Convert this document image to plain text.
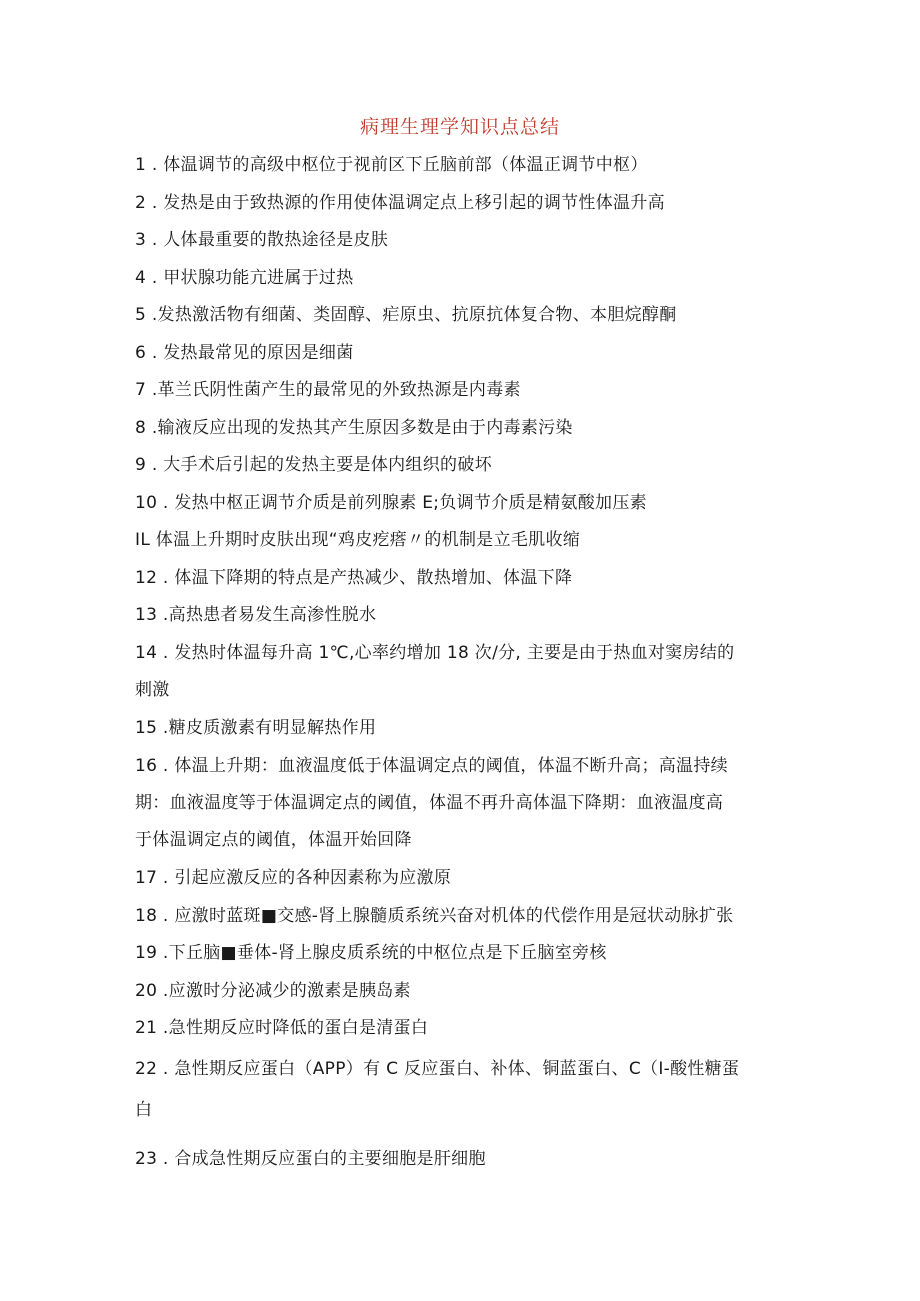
病理生理学知识点总结
1 . 体温调节的高级中枢位于视前区下丘脑前部（体温正调节中枢）
2 . 发热是由于致热源的作用使体温调定点上移引起的调节性体温升高
3 . 人体最重要的散热途径是皮肤
4 . 甲状腺功能亢进属于过热
5 .发热激活物有细菌、类固醇、疟原虫、抗原抗体复合物、本胆烷醇酮
6 . 发热最常见的原因是细菌
7 .革兰氏阴性菌产生的最常见的外致热源是内毒素
8 .输液反应出现的发热其产生原因多数是由于内毒素污染
9 . 大手术后引起的发热主要是体内组织的破坏
10 . 发热中枢正调节介质是前列腺素 E;负调节介质是精氨酸加压素
IL 体温上升期时皮肤出现“鸡皮疙瘩〃的机制是立毛肌收缩
12 . 体温下降期的特点是产热减少、散热增加、体温下降
13 .高热患者易发生高渗性脱水
14 . 发热时体温每升高 1℃,心率约增加 18 次/分, 主要是由于热血对窦房结的
刺激
15 .糖皮质激素有明显解热作用
16 . 体温上升期：血液温度低于体温调定点的阈值，体温不断升高；高温持续
期：血液温度等于体温调定点的阈值，体温不再升高体温下降期：血液温度高
于体温调定点的阈值，体温开始回降
17 . 引起应激反应的各种因素称为应激原
18 . 应激时蓝斑■交感-肾上腺髓质系统兴奋对机体的代偿作用是冠状动脉扩张
19 .下丘脑■垂体-肾上腺皮质系统的中枢位点是下丘脑室旁核
20 .应激时分泌减少的激素是胰岛素
21 .急性期反应时降低的蛋白是清蛋白
22 . 急性期反应蛋白（APP）有 C 反应蛋白、补体、铜蓝蛋白、C（I-酸性糖蛋
白
23 . 合成急性期反应蛋白的主要细胞是肝细胞
